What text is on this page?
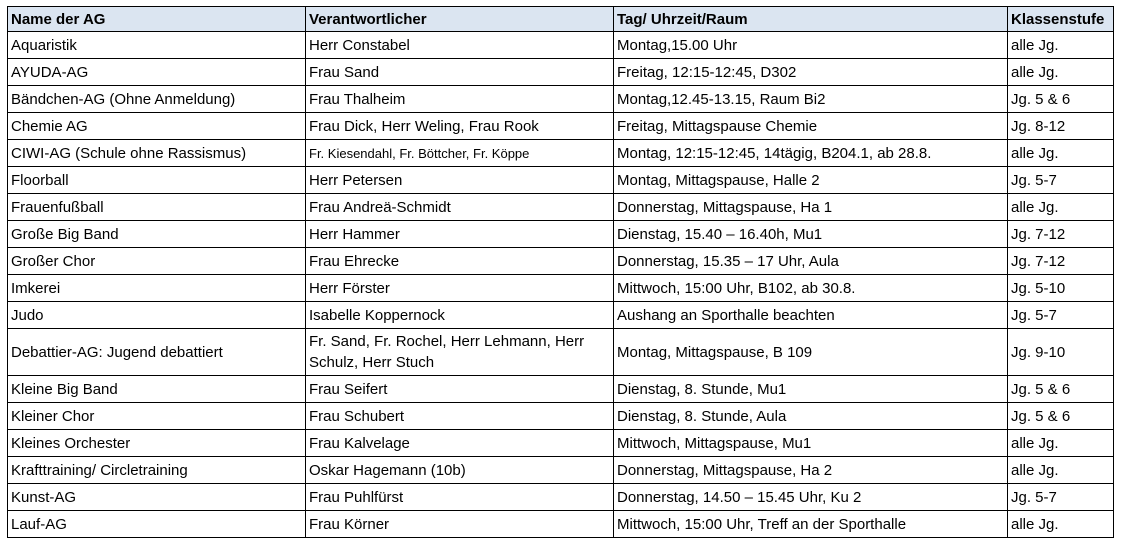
Name der AG	Verantwortlicher	Tag/ Uhrzeit/Raum	Klassenstufe
Aquaristik	Herr Constabel	Montag,15.00 Uhr	alle Jg.
AYUDA-AG	Frau Sand	Freitag, 12:15-12:45, D302	alle Jg.
Bändchen-AG (Ohne Anmeldung)	Frau Thalheim	Montag,12.45-13.15, Raum Bi2	Jg. 5 & 6
Chemie AG	Frau Dick, Herr Weling, Frau Rook	Freitag, Mittagspause Chemie	Jg. 8-12
CIWI-AG (Schule ohne Rassismus)	Fr. Kiesendahl, Fr. Böttcher, Fr. Köppe	Montag, 12:15-12:45, 14tägig, B204.1, ab 28.8.	alle Jg.
Floorball	Herr Petersen	Montag, Mittagspause, Halle 2	Jg. 5-7
Frauenfußball	Frau Andreä-Schmidt	Donnerstag, Mittagspause, Ha 1	alle Jg.
Große Big Band	Herr Hammer	Dienstag, 15.40 – 16.40h, Mu1	Jg. 7-12
Großer Chor	Frau Ehrecke	Donnerstag, 15.35 – 17 Uhr, Aula	Jg. 7-12
Imkerei	Herr Förster	Mittwoch, 15:00 Uhr, B102, ab 30.8.	Jg. 5-10
Judo	Isabelle Koppernock	Aushang an Sporthalle beachten	Jg. 5-7
Debattier-AG: Jugend debattiert	Fr. Sand, Fr. Rochel, Herr Lehmann, Herr Schulz, Herr Stuch	Montag, Mittagspause, B 109	Jg. 9-10
Kleine Big Band	Frau Seifert	Dienstag, 8. Stunde, Mu1	Jg. 5 & 6
Kleiner Chor	Frau Schubert	Dienstag, 8. Stunde, Aula	Jg. 5 & 6
Kleines Orchester	Frau Kalvelage	Mittwoch, Mittagspause, Mu1	alle Jg.
Krafttraining/ Circletraining	Oskar Hagemann (10b)	Donnerstag, Mittagspause, Ha 2	alle Jg.
Kunst-AG	Frau Puhlfürst	Donnerstag, 14.50 – 15.45 Uhr, Ku 2	Jg. 5-7
Lauf-AG	Frau Körner	Mittwoch, 15:00 Uhr, Treff an der Sporthalle	alle Jg.
